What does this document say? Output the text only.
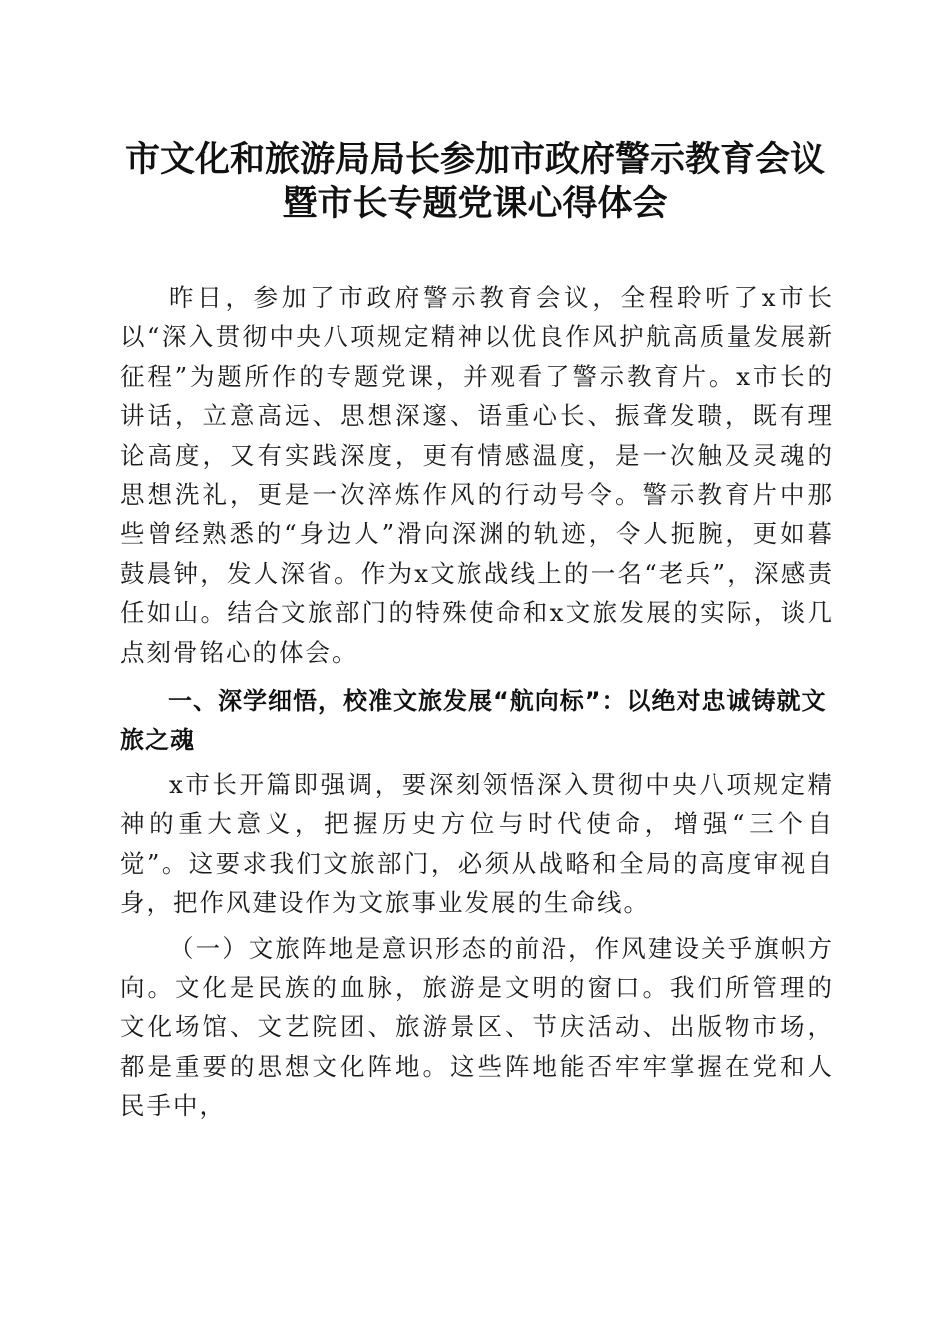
市文化和旅游局局长参加市政府警示教育会议
暨市长专题党课心得体会

昨日，参加了市政府警示教育会议，全程聆听了x市长以“深入贯彻中央八项规定精神以优良作风护航高质量发展新征程”为题所作的专题党课，并观看了警示教育片。x市长的讲话，立意高远、思想深邃、语重心长、振聋发聩，既有理论高度，又有实践深度，更有情感温度，是一次触及灵魂的思想洗礼，更是一次淬炼作风的行动号令。警示教育片中那些曾经熟悉的“身边人”滑向深渊的轨迹，令人扼腕，更如暮鼓晨钟，发人深省。作为x文旅战线上的一名“老兵”，深感责任如山。结合文旅部门的特殊使命和x文旅发展的实际，谈几点刻骨铭心的体会。

一、深学细悟，校准文旅发展“航向标”：以绝对忠诚铸就文旅之魂

x市长开篇即强调，要深刻领悟深入贯彻中央八项规定精神的重大意义，把握历史方位与时代使命，增强“三个自觉”。这要求我们文旅部门，必须从战略和全局的高度审视自身，把作风建设作为文旅事业发展的生命线。

（一）文旅阵地是意识形态的前沿，作风建设关乎旗帜方向。文化是民族的血脉，旅游是文明的窗口。我们所管理的文化场馆、文艺院团、旅游景区、节庆活动、出版物市场，都是重要的思想文化阵地。这些阵地能否牢牢掌握在党和人民手中，
